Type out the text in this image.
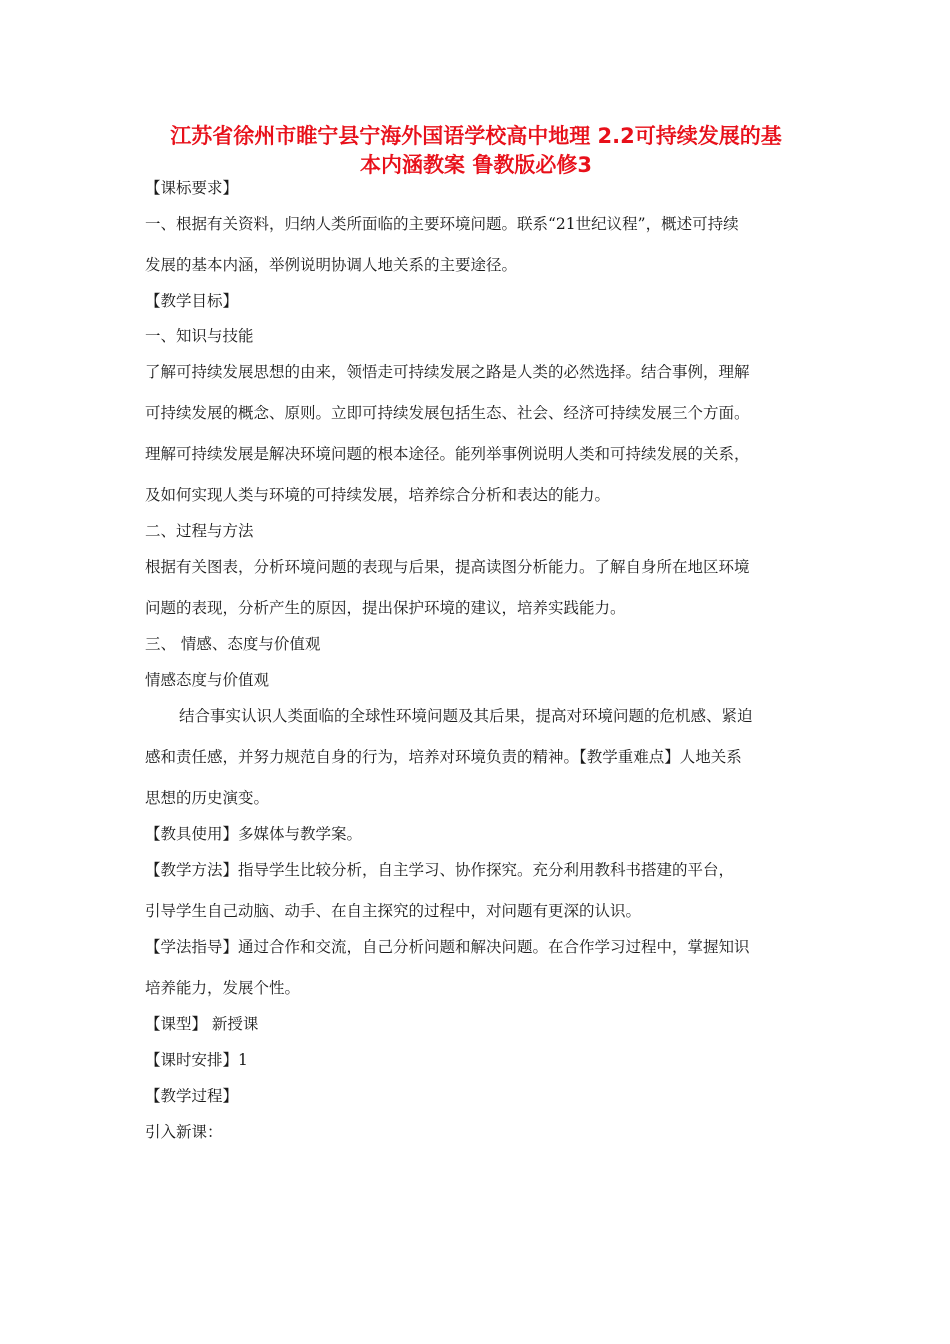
江苏省徐州市睢宁县宁海外国语学校高中地理 2.2可持续发展的基
本内涵教案 鲁教版必修3

【课标要求】

一、根据有关资料，归纳人类所面临的主要环境问题。联系“21世纪议程”，概述可持续

发展的基本内涵，举例说明协调人地关系的主要途径。

【教学目标】

一、知识与技能

了解可持续发展思想的由来，领悟走可持续发展之路是人类的必然选择。结合事例，理解

可持续发展的概念、原则。立即可持续发展包括生态、社会、经济可持续发展三个方面。

理解可持续发展是解决环境问题的根本途径。能列举事例说明人类和可持续发展的关系，

及如何实现人类与环境的可持续发展，培养综合分析和表达的能力。

二、过程与方法

根据有关图表，分析环境问题的表现与后果，提高读图分析能力。了解自身所在地区环境

问题的表现，分析产生的原因，提出保护环境的建议，培养实践能力。

三、 情感、态度与价值观

情感态度与价值观

结合事实认识人类面临的全球性环境问题及其后果，提高对环境问题的危机感、紧迫

感和责任感，并努力规范自身的行为，培养对环境负责的精神。【教学重难点】人地关系

思想的历史演变。

【教具使用】多媒体与教学案。

【教学方法】指导学生比较分析，自主学习、协作探究。充分利用教科书搭建的平台，

引导学生自己动脑、动手、在自主探究的过程中，对问题有更深的认识。

【学法指导】通过合作和交流，自己分析问题和解决问题。在合作学习过程中，掌握知识

培养能力，发展个性。

【课型】 新授课

【课时安排】1

【教学过程】

引入新课：
